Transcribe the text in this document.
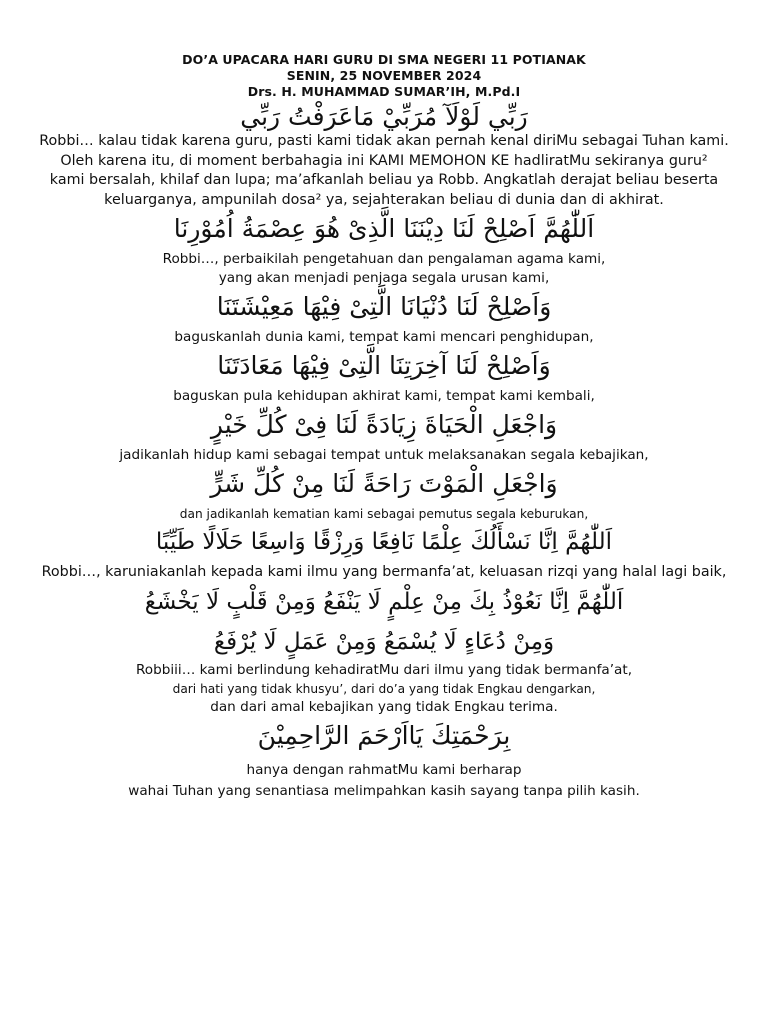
DO’A UPACARA HARI GURU DI SMA NEGERI 11 POTIANAK
SENIN, 25 NOVEMBER 2024
Drs. H. MUHAMMAD SUMAR’IH, M.Pd.I

رَبِّي لَوْلَآ مُرَبِّيْ مَاعَرَفْتُ رَبِّي

Robbi… kalau tidak karena guru, pasti kami tidak akan pernah kenal diriMu sebagai Tuhan kami.

Oleh karena itu, di moment berbahagia ini KAMI MEMOHON KE hadliratMu sekiranya guru²

kami bersalah, khilaf dan lupa; ma’afkanlah beliau ya Robb. Angkatlah derajat beliau beserta

keluarganya, ampunilah dosa² ya, sejahterakan beliau di dunia dan di akhirat.

اَللّٰهُمَّ اَصْلِحْ لَنَا دِيْنَنَا الَّذِىْ هُوَ عِصْمَةُ اُمُوْرِنَا

Robbi…, perbaikilah pengetahuan dan pengalaman agama kami,

yang akan menjadi penjaga segala urusan kami,

وَاَصْلِحْ لَنَا دُنْيَانَا الَّتِىْ فِيْهَا مَعِيْشَتَنَا

baguskanlah dunia kami, tempat kami mencari penghidupan,

وَاَصْلِحْ لَنَا آخِرَتِنَا الَّتِىْ فِيْهَا مَعَادَتَنَا

baguskan pula kehidupan akhirat kami, tempat kami kembali,

وَاجْعَلِ الْحَيَاةَ زِيَادَةً لَنَا فِىْ كُلِّ خَيْرٍ

jadikanlah hidup kami sebagai tempat untuk melaksanakan segala kebajikan,

وَاجْعَلِ الْمَوْتَ رَاحَةً لَنَا مِنْ كُلِّ شَرٍّ

dan jadikanlah kematian kami sebagai pemutus segala keburukan,

اَللّٰهُمَّ اِنَّا نَسْأَلُكَ عِلْمًا نَافِعًا وَرِزْقًا وَاسِعًا حَلَالًا طَيِّبًا

Robbi…, karuniakanlah kepada kami ilmu yang bermanfa’at, keluasan rizqi yang halal lagi baik,

اَللّٰهُمَّ اِنَّا نَعُوْذُ بِكَ مِنْ عِلْمٍ لَا يَنْفَعُ وَمِنْ قَلْبٍ لَا يَخْشَعُ

وَمِنْ دُعَاءٍ لَا يُسْمَعُ وَمِنْ عَمَلٍ لَا يُرْفَعُ

Robbiii… kami berlindung kehadiratMu dari ilmu yang tidak bermanfa’at,

dari hati yang tidak khusyu’, dari do’a yang tidak Engkau dengarkan,

dan dari amal kebajikan yang tidak Engkau terima.

بِرَحْمَتِكَ يَااَرْحَمَ الرَّاحِمِيْنَ

hanya dengan rahmatMu kami berharap

wahai Tuhan yang senantiasa melimpahkan kasih sayang tanpa pilih kasih.
